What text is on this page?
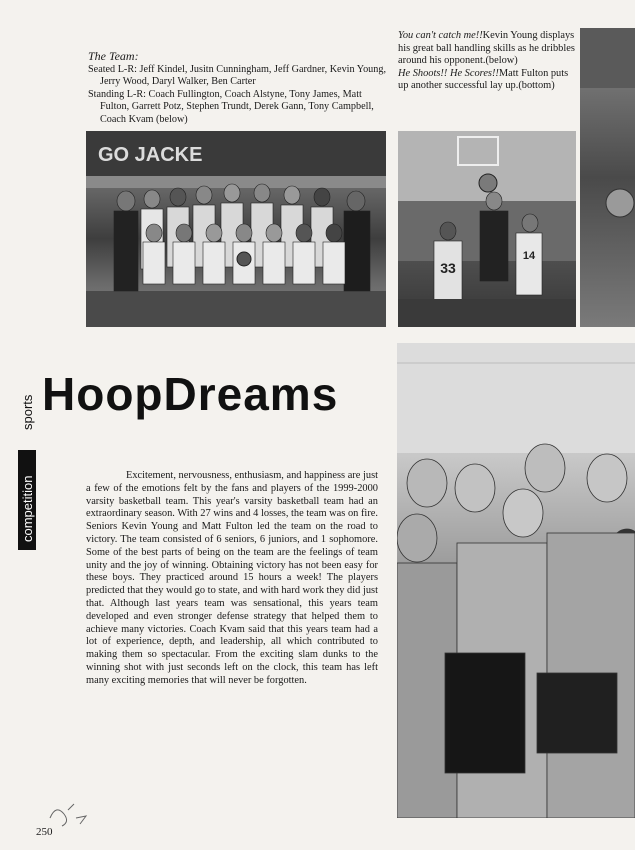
The Team:
Seated L-R: Jeff Kindel, Jusitn Cunningham, Jeff Gardner, Kevin Young, Jerry Wood, Daryl Walker, Ben Carter
Standing L-R: Coach Fullington, Coach Alstyne, Tony James, Matt Fulton, Garrett Potz, Stephen Trundt, Derek Gann, Tony Campbell, Coach Kvam (below)
You can't catch me!!Kevin Young displays his great ball handling skills as he dribbles around his opponent.(below)
He Shoots!! He Scores!!Matt Fulton puts up another successful lay up.(bottom)
GO JACKE
33
14
HoopDreams
competition
sports
Excitement, nervousness, enthusiasm, and happiness are just a few of the emotions felt by the fans and players of the 1999-2000 varsity basketball team. This year's varsity basketball team had an extraordinary season. With 27 wins and 4 losses, the team was on fire. Seniors Kevin Young and Matt Fulton led the team on the road to victory. The team consisted of 6 seniors, 6 juniors, and 1 sophomore. Some of the best parts of being on the team are the feelings of team unity and the joy of winning. Obtaining victory has not been easy for these boys. They practiced around 15 hours a week! The players predicted that they would go to state, and with hard work they did just that. Although last years team was sensational, this years team developed and even stronger defense strategy that helped them to achieve many victories. Coach Kvam said that this years team had a lot of experience, depth, and leadership, all which contributed to making them so spectacular. From the exciting slam dunks to the winning shot with just seconds left on the clock, this team has left many exciting memories that will never be forgotten.
250
